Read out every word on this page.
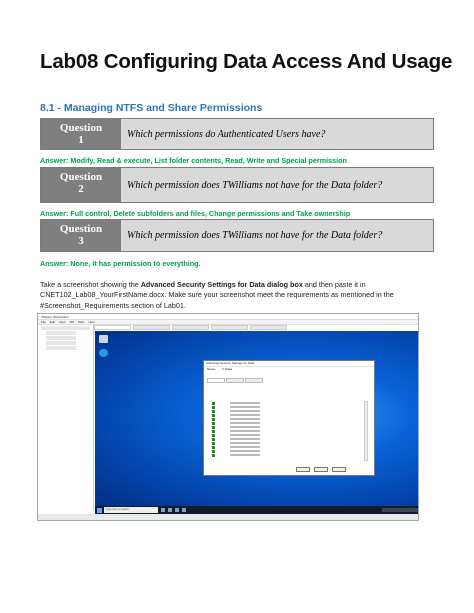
Lab08 Configuring Data Access And Usage
8.1 - Managing NTFS and Share Permissions
Question
1	Which permissions do Authenticated Users have?
Answer: Modify, Read & execute, List folder contents, Read, Write and Special permission
Question
2	Which permission does TWilliams not have for the Data folder?
Answer: Full control, Delete subfolders and files, Change permissions and Take ownership
Question
3	Which permission does TWilliams not have for the Data folder?
Answer: None, it has permission to everything.
Take a screenshot showing the Advanced Security Settings for Data dialog box and then paste it in CNET102_Lab08_YourFirstName.docx. Make sure your screenshot meet the requirements as mentioned in the #Screenshot_Requirements section of Lab01.
VMware Workstation
File Edit View VM Tabs Help
Advanced Security Settings for Data
Name: C:\Data
Type here to search
